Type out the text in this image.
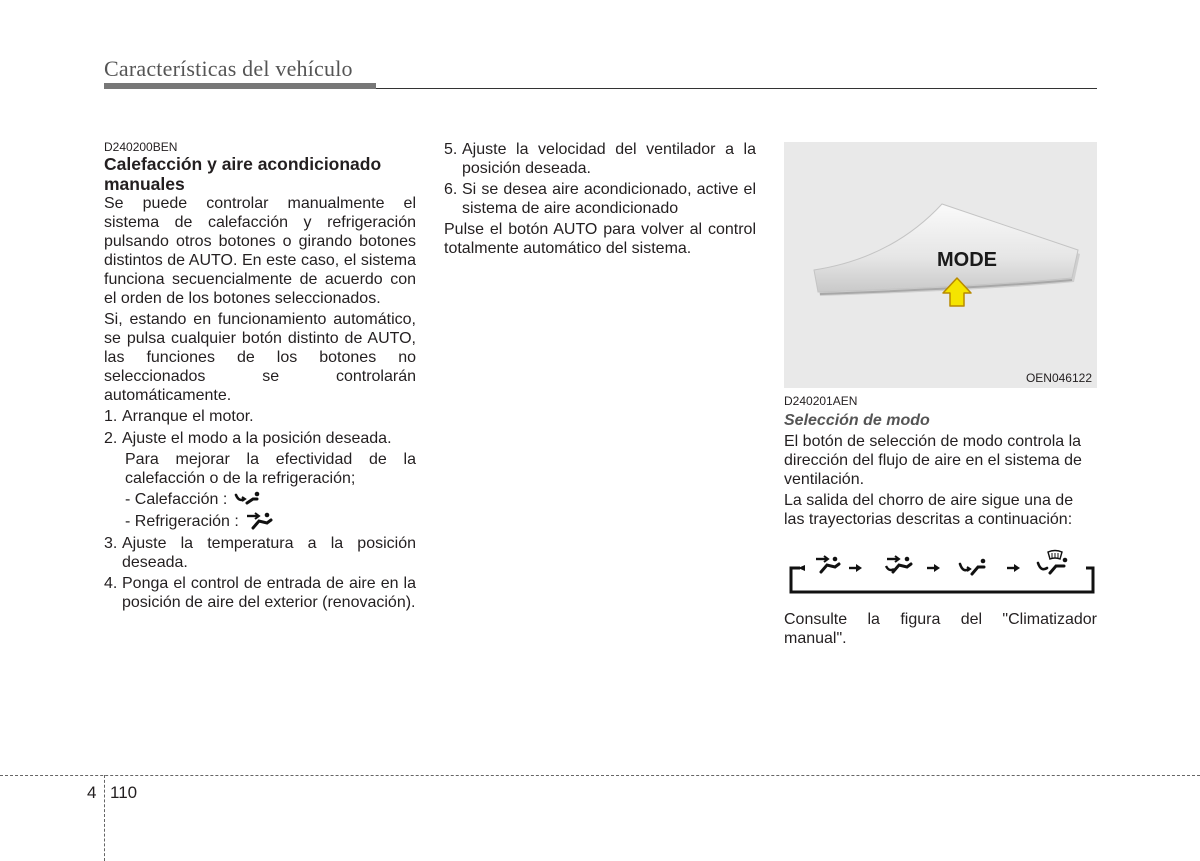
Características del vehículo

D240200BEN

Calefacción y aire acondicionado manuales

Se puede controlar manualmente el sistema de calefacción y refrigeración pulsando otros botones o girando botones distintos de AUTO. En este caso, el sistema funciona secuencialmente de acuerdo con el orden de los botones seleccionados.

Si, estando en funcionamiento automático, se pulsa cualquier botón distinto de AUTO, las funciones de los botones no seleccionados se controlarán automáticamente.

1. Arranque el motor.
2. Ajuste el modo a la posición deseada.

Para mejorar la efectividad de la calefacción o de la refrigeración;

- Calefacción :
- Refrigeración :
3. Ajuste la temperatura a la posición deseada.
4. Ponga el control de entrada de aire en la posición de aire del exterior (renovación).
5. Ajuste la velocidad del ventilador a la posición deseada.
6. Si se desea aire acondicionado, active el sistema de aire acondicionado

Pulse el botón AUTO para volver al control totalmente automático del sistema.

MODE
OEN046122

D240201AEN

Selección de modo

El botón de selección de modo controla la dirección del flujo de aire en el sistema de ventilación.

La salida del chorro de aire sigue una de las trayectorias descritas a continuación:

Consulte la figura del "Climatizador manual".

4 110
